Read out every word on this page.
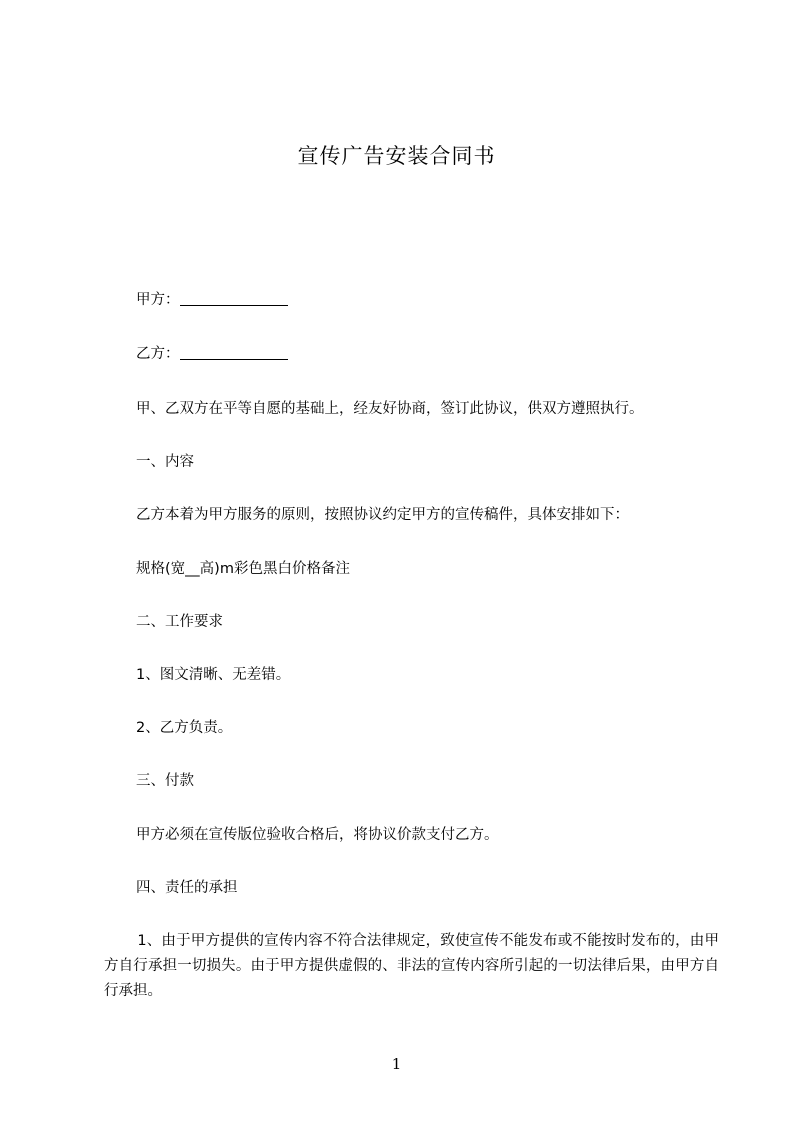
宣传广告安装合同书
甲方：
乙方：
甲、乙双方在平等自愿的基础上，经友好协商，签订此协议，供双方遵照执行。
一、内容
乙方本着为甲方服务的原则，按照协议约定甲方的宣传稿件，具体安排如下：
规格(宽__高)m彩色黑白价格备注
二、工作要求
1、图文清晰、无差错。
2、乙方负责。
三、付款
甲方必须在宣传版位验收合格后，将协议价款支付乙方。
四、责任的承担
1、由于甲方提供的宣传内容不符合法律规定，致使宣传不能发布或不能按时发布的，由甲方自行承担一切损失。由于甲方提供虚假的、非法的宣传内容所引起的一切法律后果，由甲方自行承担。
1
